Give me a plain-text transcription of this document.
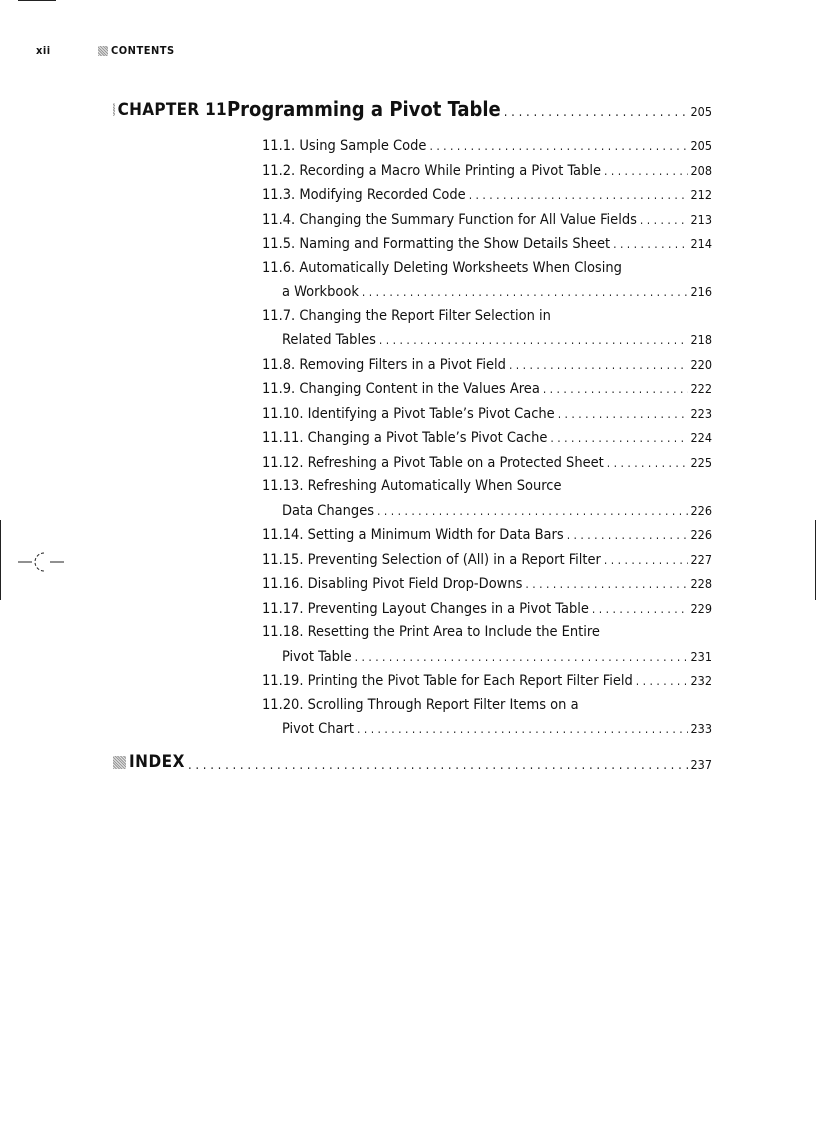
xii	CONTENTS
CHAPTER 11 Programming a Pivot Table . . .	205
11.1. Using Sample Code . . .	205
11.2. Recording a Macro While Printing a Pivot Table . . .	208
11.3. Modifying Recorded Code . . .	212
11.4. Changing the Summary Function for All Value Fields . . .	213
11.5. Naming and Formatting the Show Details Sheet . . .	214
11.6. Automatically Deleting Worksheets When Closing
a Workbook . . .	216
11.7. Changing the Report Filter Selection in
Related Tables . . .	218
11.8. Removing Filters in a Pivot Field . . .	220
11.9. Changing Content in the Values Area . . .	222
11.10. Identifying a Pivot Table’s Pivot Cache . . .	223
11.11. Changing a Pivot Table’s Pivot Cache . . .	224
11.12. Refreshing a Pivot Table on a Protected Sheet . . .	225
11.13. Refreshing Automatically When Source
Data Changes . . .	226
11.14. Setting a Minimum Width for Data Bars . . .	226
11.15. Preventing Selection of (All) in a Report Filter . . .	227
11.16. Disabling Pivot Field Drop-Downs . . .	228
11.17. Preventing Layout Changes in a Pivot Table . . .	229
11.18. Resetting the Print Area to Include the Entire
Pivot Table . . .	231
11.19. Printing the Pivot Table for Each Report Filter Field . . .	232
11.20. Scrolling Through Report Filter Items on a
Pivot Chart . . .	233
INDEX . . .	237
